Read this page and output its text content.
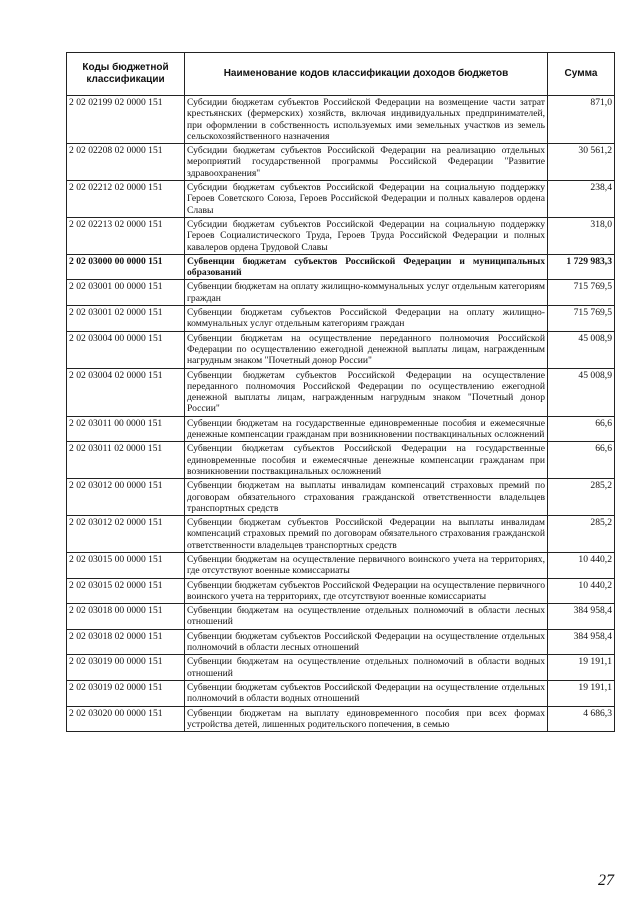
Коды бюджетной классификации	Наименование кодов классификации доходов бюджетов	Сумма
2 02 02199 02 0000 151	Субсидии бюджетам субъектов Российской Федерации на возмещение части затрат крестьянских (фермерских) хозяйств, включая индивидуальных предпринимателей, при оформлении в собственность используемых ими земельных участков из земель сельскохозяйственного назначения	871,0
2 02 02208 02 0000 151	Субсидии бюджетам субъектов Российской Федерации на реализацию отдельных мероприятий государственной программы Российской Федерации "Развитие здравоохранения"	30 561,2
2 02 02212 02 0000 151	Субсидии бюджетам субъектов Российской Федерации на социальную поддержку Героев Советского Союза, Героев Российской Федерации и полных кавалеров ордена Славы	238,4
2 02 02213 02 0000 151	Субсидии бюджетам субъектов Российской Федерации на социальную поддержку Героев Социалистического Труда, Героев Труда Российской Федерации и полных кавалеров ордена Трудовой Славы	318,0
2 02 03000 00 0000 151	Субвенции бюджетам субъектов Российской Федерации и муниципальных образований	1 729 983,3
2 02 03001 00 0000 151	Субвенции бюджетам на оплату жилищно-коммунальных услуг отдельным категориям граждан	715 769,5
2 02 03001 02 0000 151	Субвенции бюджетам субъектов Российской Федерации на оплату жилищно-коммунальных услуг отдельным категориям граждан	715 769,5
2 02 03004 00 0000 151	Субвенции бюджетам на осуществление переданного полномочия Российской Федерации по осуществлению ежегодной денежной выплаты лицам, награжденным нагрудным знаком "Почетный донор России"	45 008,9
2 02 03004 02 0000 151	Субвенции бюджетам субъектов Российской Федерации на осуществление переданного полномочия Российской Федерации по осуществлению ежегодной денежной выплаты лицам, награжденным нагрудным знаком "Почетный донор России"	45 008,9
2 02 03011 00 0000 151	Субвенции бюджетам на государственные единовременные пособия и ежемесячные денежные компенсации гражданам при возникновении поствакцинальных осложнений	66,6
2 02 03011 02 0000 151	Субвенции бюджетам субъектов Российской Федерации на государственные единовременные пособия и ежемесячные денежные компенсации гражданам при возникновении поствакцинальных осложнений	66,6
2 02 03012 00 0000 151	Субвенции бюджетам на выплаты инвалидам компенсаций страховых премий по договорам обязательного страхования гражданской ответственности владельцев транспортных средств	285,2
2 02 03012 02 0000 151	Субвенции бюджетам субъектов Российской Федерации на выплаты инвалидам компенсаций страховых премий по договорам обязательного страхования гражданской ответственности владельцев транспортных средств	285,2
2 02 03015 00 0000 151	Субвенции бюджетам на осуществление первичного воинского учета на территориях, где отсутствуют военные комиссариаты	10 440,2
2 02 03015 02 0000 151	Субвенции бюджетам субъектов Российской Федерации на осуществление первичного воинского учета на территориях, где отсутствуют военные комиссариаты	10 440,2
2 02 03018 00 0000 151	Субвенции бюджетам на осуществление отдельных полномочий в области лесных отношений	384 958,4
2 02 03018 02 0000 151	Субвенции бюджетам субъектов Российской Федерации на осуществление отдельных полномочий в области лесных отношений	384 958,4
2 02 03019 00 0000 151	Субвенции бюджетам на осуществление отдельных полномочий в области водных отношений	19 191,1
2 02 03019 02 0000 151	Субвенции бюджетам субъектов Российской Федерации на осуществление отдельных полномочий в области водных отношений	19 191,1
2 02 03020 00 0000 151	Субвенции бюджетам на выплату единовременного пособия при всех формах устройства детей, лишенных родительского попечения, в семью	4 686,3
27
